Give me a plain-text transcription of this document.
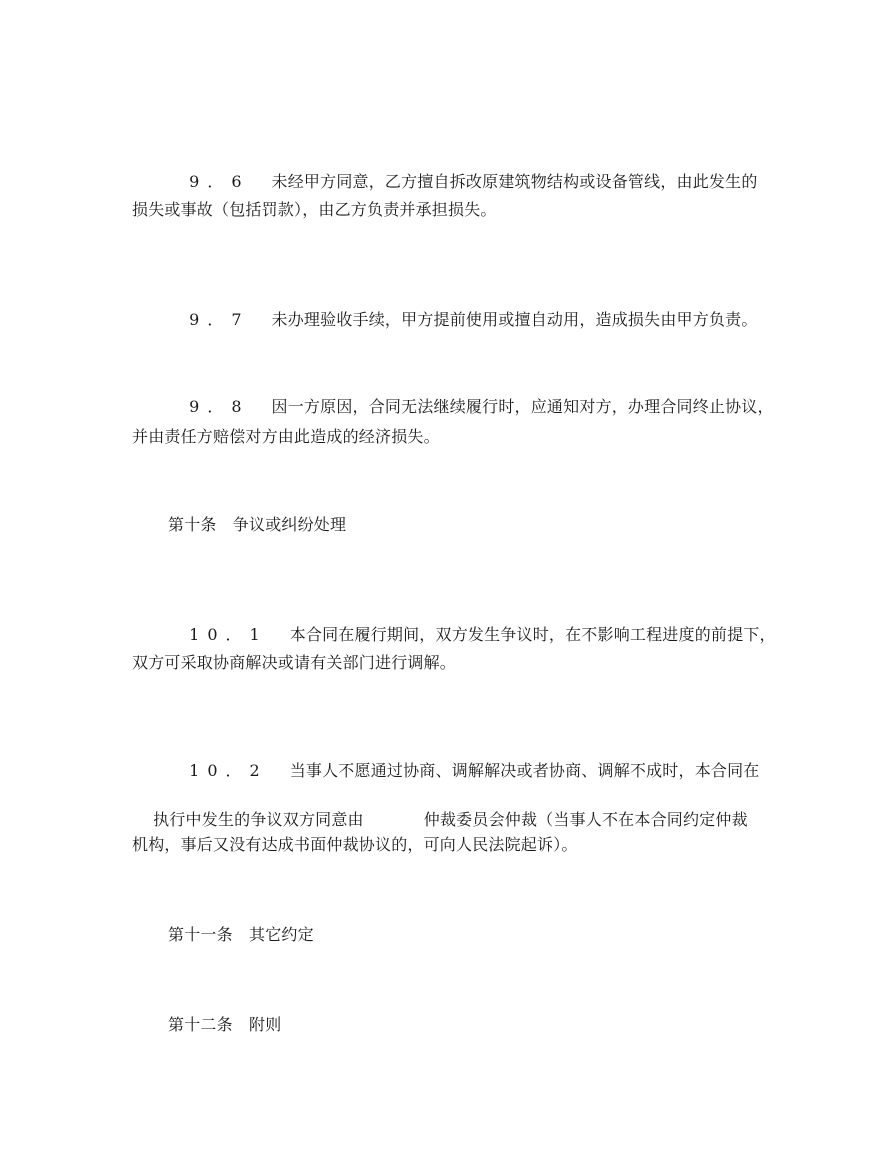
9．6 未经甲方同意，乙方擅自拆改原建筑物结构或设备管线，由此发生的

损失或事故（包括罚款），由乙方负责并承担损失。

9．7 未办理验收手续，甲方提前使用或擅自动用，造成损失由甲方负责。

9．8 因一方原因，合同无法继续履行时，应通知对方，办理合同终止协议，

并由责任方赔偿对方由此造成的经济损失。
第十条　争议或纠纷处理

10．1 本合同在履行期间，双方发生争议时，在不影响工程进度的前提下，

双方可采取协商解决或请有关部门进行调解。

10．2 当事人不愿通过协商、调解解决或者协商、调解不成时，本合同在

执行中发生的争议双方同意由	仲裁委员会仲裁（当事人不在本合同约定仲裁

机构，事后又没有达成书面仲裁协议的，可向人民法院起诉）。
第十一条　其它约定
第十二条　附则
